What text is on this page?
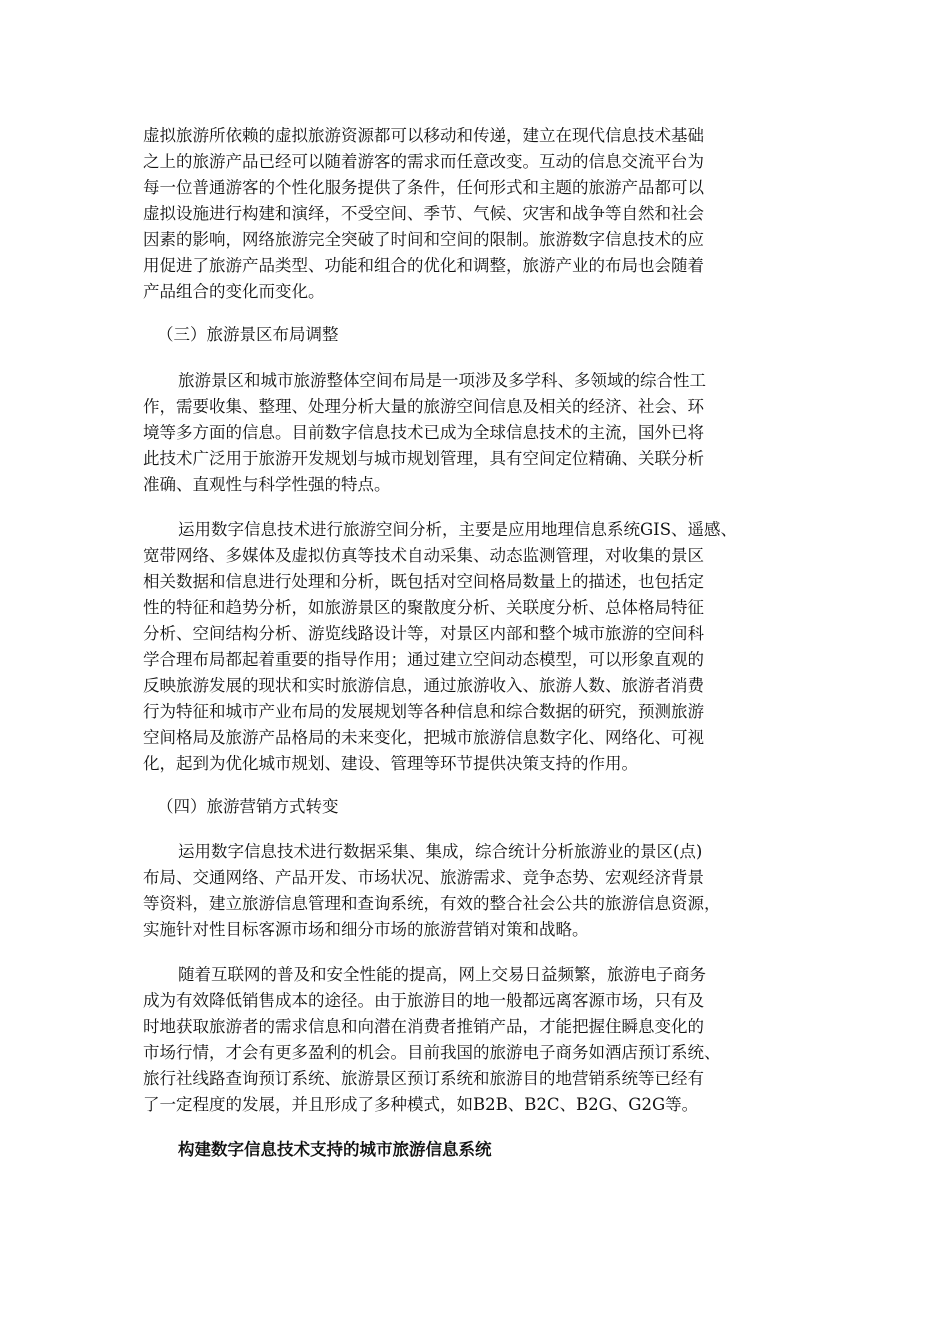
虚拟旅游所依赖的虚拟旅游资源都可以移动和传递，建立在现代信息技术基础
之上的旅游产品已经可以随着游客的需求而任意改变。互动的信息交流平台为
每一位普通游客的个性化服务提供了条件，任何形式和主题的旅游产品都可以
虚拟设施进行构建和演绎，不受空间、季节、气候、灾害和战争等自然和社会
因素的影响，网络旅游完全突破了时间和空间的限制。旅游数字信息技术的应
用促进了旅游产品类型、功能和组合的优化和调整，旅游产业的布局也会随着
产品组合的变化而变化。
（三）旅游景区布局调整
旅游景区和城市旅游整体空间布局是一项涉及多学科、多领域的综合性工
作，需要收集、整理、处理分析大量的旅游空间信息及相关的经济、社会、环
境等多方面的信息。目前数字信息技术已成为全球信息技术的主流，国外已将
此技术广泛用于旅游开发规划与城市规划管理，具有空间定位精确、关联分析
准确、直观性与科学性强的特点。
运用数字信息技术进行旅游空间分析，主要是应用地理信息系统GIS、遥感、
宽带网络、多媒体及虚拟仿真等技术自动采集、动态监测管理，对收集的景区
相关数据和信息进行处理和分析，既包括对空间格局数量上的描述，也包括定
性的特征和趋势分析，如旅游景区的聚散度分析、关联度分析、总体格局特征
分析、空间结构分析、游览线路设计等，对景区内部和整个城市旅游的空间科
学合理布局都起着重要的指导作用；通过建立空间动态模型，可以形象直观的
反映旅游发展的现状和实时旅游信息，通过旅游收入、旅游人数、旅游者消费
行为特征和城市产业布局的发展规划等各种信息和综合数据的研究，预测旅游
空间格局及旅游产品格局的未来变化，把城市旅游信息数字化、网络化、可视
化，起到为优化城市规划、建设、管理等环节提供决策支持的作用。
（四）旅游营销方式转变
运用数字信息技术进行数据采集、集成，综合统计分析旅游业的景区(点)
布局、交通网络、产品开发、市场状况、旅游需求、竞争态势、宏观经济背景
等资料，建立旅游信息管理和查询系统，有效的整合社会公共的旅游信息资源，
实施针对性目标客源市场和细分市场的旅游营销对策和战略。
随着互联网的普及和安全性能的提高，网上交易日益频繁，旅游电子商务
成为有效降低销售成本的途径。由于旅游目的地一般都远离客源市场，只有及
时地获取旅游者的需求信息和向潜在消费者推销产品，才能把握住瞬息变化的
市场行情，才会有更多盈利的机会。目前我国的旅游电子商务如酒店预订系统、
旅行社线路查询预订系统、旅游景区预订系统和旅游目的地营销系统等已经有
了一定程度的发展，并且形成了多种模式，如B2B、B2C、B2G、G2G等。
构建数字信息技术支持的城市旅游信息系统
